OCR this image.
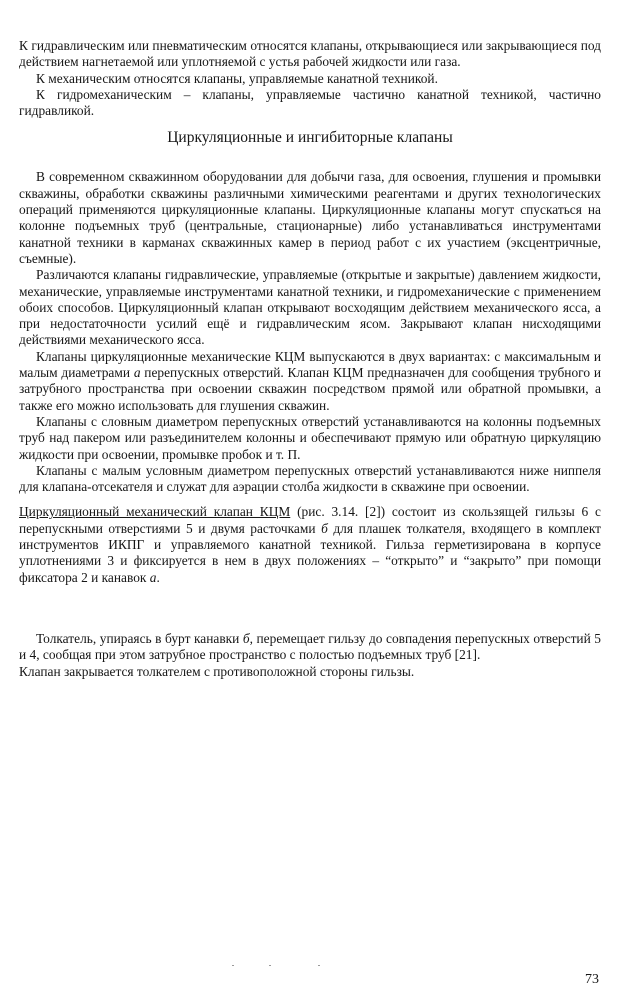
К гидравлическим или пневматическим относятся клапаны, открывающиеся или закрывающиеся под действием нагнетаемой или уплотняемой с устья рабочей жидкости или газа.

К механическим относятся клапаны, управляемые канатной техникой.

К гидромеханическим – клапаны, управляемые частично канатной техникой, частично гидравликой.

Циркуляционные и ингибиторные клапаны

В современном скважинном оборудовании для добычи газа, для освоения, глушения и промывки скважины, обработки скважины различными химическими реагентами и других технологических операций применяются циркуляционные клапаны. Циркуляционные клапаны могут спускаться на колонне подъемных труб (центральные, стационарные) либо устанавливаться инструментами канатной техники в карманах скважинных камер в период работ с их участием (эксцентричные, съемные).

Различаются клапаны гидравлические, управляемые (открытые и закрытые) давлением жидкости, механические, управляемые инструментами канатной техники, и гидромеханические с применением обоих способов. Циркуляционный клапан открывают восходящим действием механического ясса, а при недостаточности усилий ещё и гидравлическим ясом. Закрывают клапан нисходящими действиями механического ясса.

Клапаны циркуляционные механические КЦМ выпускаются в двух вариантах: с максимальным и малым диаметрами а перепускных отверстий. Клапан КЦМ предназначен для сообщения трубного и затрубного пространства при освоении скважин посредством прямой или обратной промывки, а также его можно использовать для глушения скважин.

Клапаны с словным диаметром перепускных отверстий устанавливаются на колонны подъемных труб над пакером или разъединителем колонны и обеспечивают прямую или обратную циркуляцию жидкости при освоении, промывке пробок и т. П.

Клапаны с малым условным диаметром перепускных отверстий устанавливаются ниже ниппеля для клапана-отсекателя и служат для аэрации столба жидкости в скважине при освоении.

Циркуляционный механический клапан КЦМ (рис. 3.14. [2]) состоит из скользящей гильзы 6 с перепускными отверстиями 5 и двумя расточками б для плашек толкателя, входящего в комплект инструментов ИКПГ и управляемого канатной техникой. Гильза герметизирована в корпусе уплотнениями 3 и фиксируется в нем в двух положениях – “открыто” и “закрыто” при помощи фиксатора 2 и канавок а.

Толкатель, упираясь в бурт канавки б, перемещает гильзу до совпадения перепускных отверстий 5 и 4, сообщая при этом затрубное пространство с полостью подъемных труб [21].

Клапан закрывается толкателем с противоположной стороны гильзы.

73
